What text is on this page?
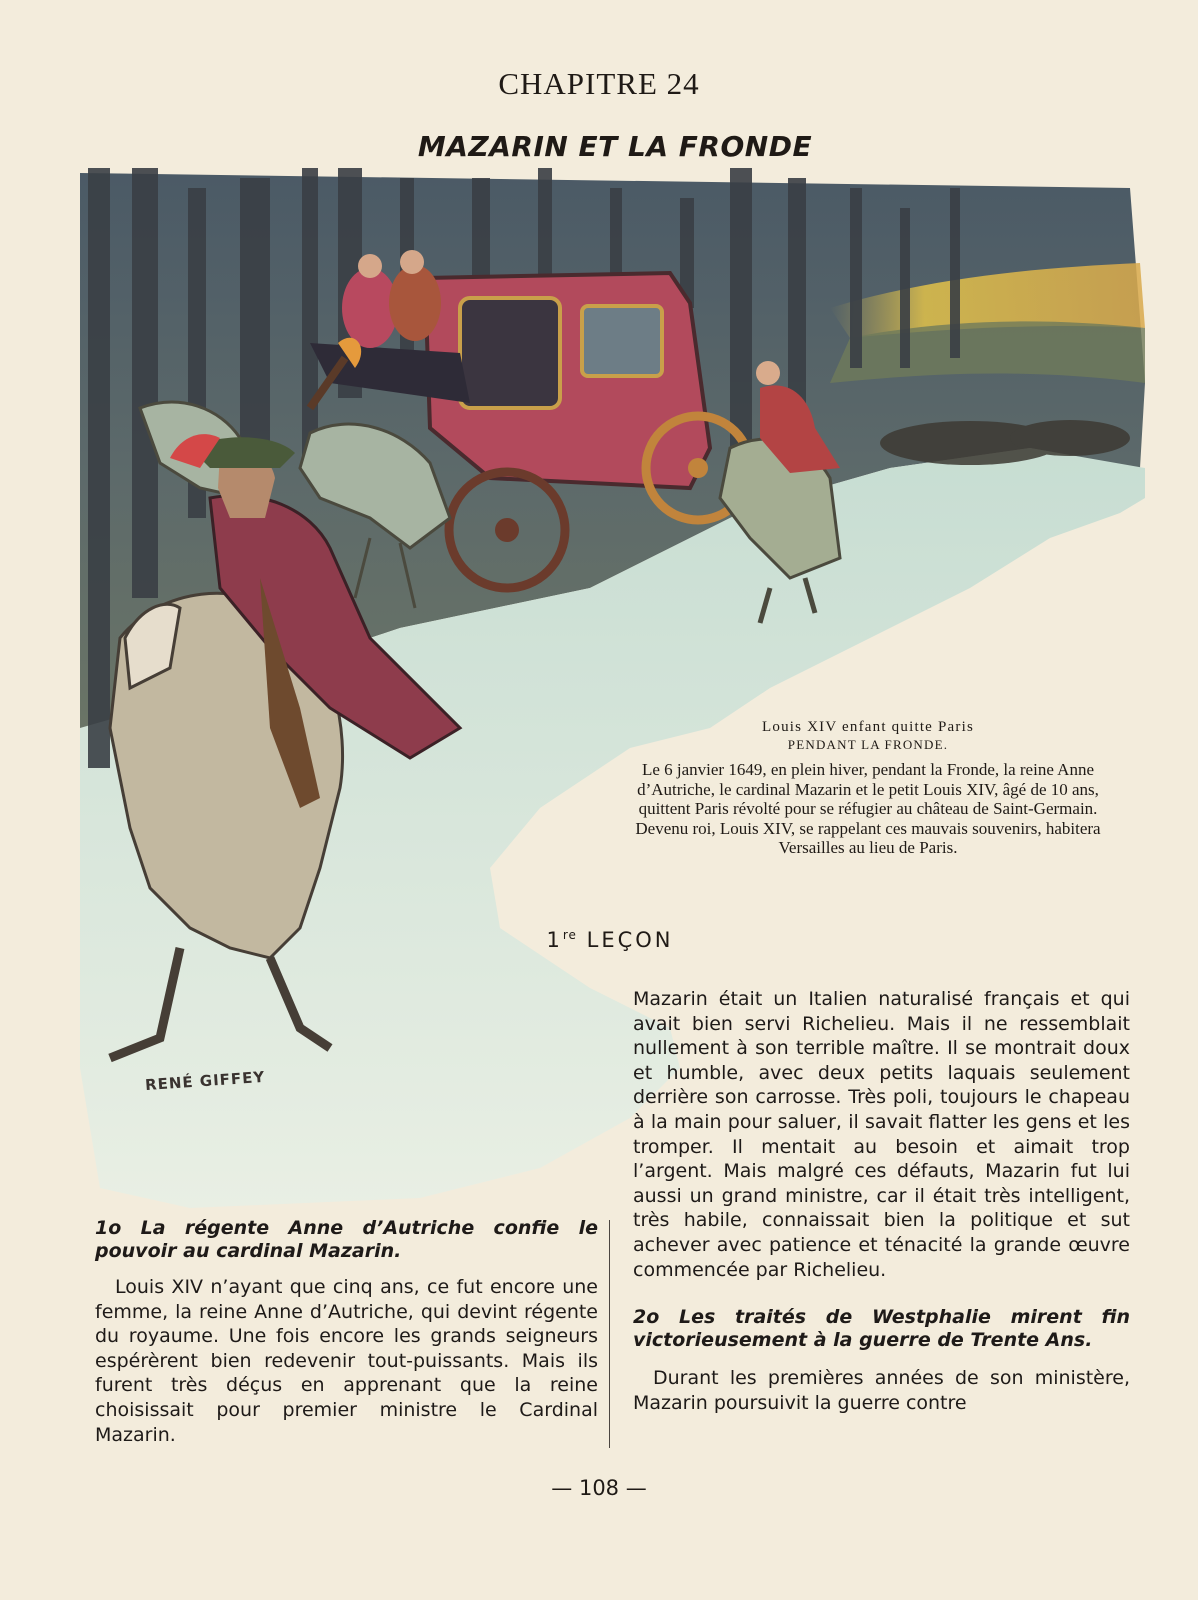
CHAPITRE 24
MAZARIN ET LA FRONDE
RENÉ GIFFEY
Louis XIV enfant quitte Paris
PENDANT LA FRONDE.
Le 6 janvier 1649, en plein hiver, pendant la Fronde, la reine Anne d’Autriche, le cardinal Mazarin et le petit Louis XIV, âgé de 10 ans, quittent Paris révolté pour se réfugier au château de Saint-Germain. Devenu roi, Louis XIV, se rappelant ces mauvais souvenirs, habitera Versailles au lieu de Paris.
1re LEÇON

Mazarin était un Italien naturalisé français et qui avait bien servi Richelieu. Mais il ne ressemblait nullement à son terrible maître. Il se montrait doux et humble, avec deux petits laquais seulement derrière son carrosse. Très poli, toujours le chapeau à la main pour saluer, il savait flatter les gens et les tromper. Il mentait au besoin et aimait trop l’argent. Mais malgré ces défauts, Mazarin fut lui aussi un grand ministre, car il était très intelligent, très habile, connaissait bien la politique et sut achever avec patience et ténacité la grande œuvre commencée par Richelieu.

2o Les traités de Westphalie mirent fin victorieusement à la guerre de Trente Ans.

Durant les premières années de son ministère, Mazarin poursuivit la guerre contre

1o La régente Anne d’Autriche confie le pouvoir au cardinal Mazarin.

Louis XIV n’ayant que cinq ans, ce fut encore une femme, la reine Anne d’Autriche, qui devint régente du royaume. Une fois encore les grands seigneurs espérèrent bien redevenir tout-puissants. Mais ils furent très déçus en apprenant que la reine choisissait pour premier ministre le Cardinal Mazarin.

— 108 —
